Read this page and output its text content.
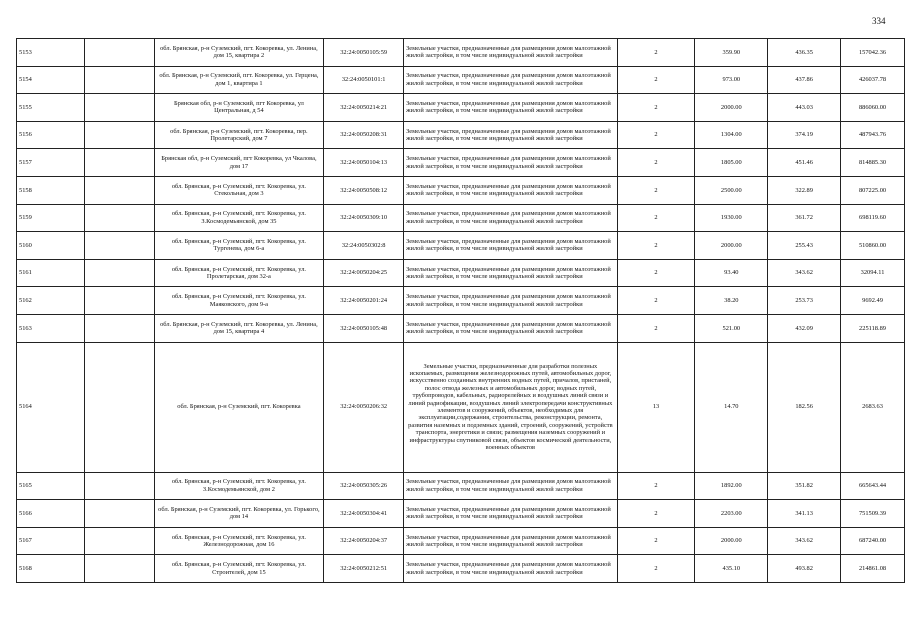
334
5153		обл. Брянская, р-н Суземский, пгт. Кокоревка, ул. Ленина, дом 15, квартира 2	32:24:0050105:59	Земельные участки, предназначенные для размещения домов малоэтажной жилой застройки, в том числе индивидуальной жилой застройки	2	359.90	436.35	157042.36

5154		обл. Брянская, р-н Суземский, пгт. Кокоревка, ул. Герцена, дом 1, квартира 1	32:24:0050101:1	Земельные участки, предназначенные для размещения домов малоэтажной жилой застройки, в том числе индивидуальной жилой застройки	2	973.00	437.86	426037.78

5155		Брянская обл, р-н Суземский, пгт Кокоревка, ул Центральная, д 54	32:24:0050214:21	Земельные участки, предназначенные для размещения домов малоэтажной жилой застройки, в том числе индивидуальной жилой застройки	2	2000.00	443.03	886060.00

5156		обл. Брянская, р-н Суземский, пгт. Кокоревка, пер. Пролетарский, дом 7	32:24:0050208:31	Земельные участки, предназначенные для размещения домов малоэтажной жилой застройки, в том числе индивидуальной жилой застройки	2	1304.00	374.19	487943.76

5157		Брянская обл, р-н Суземский, пгт Кокоревка, ул Чкалова, дом 17	32:24:0050104:13	Земельные участки, предназначенные для размещения домов малоэтажной жилой застройки, в том числе индивидуальной жилой застройки	2	1805.00	451.46	814885.30

5158		обл. Брянская, р-н Суземский, пгт. Кокоревка, ул. Стекольная, дом 3	32:24:0050508:12	Земельные участки, предназначенные для размещения домов малоэтажной жилой застройки, в том числе индивидуальной жилой застройки	2	2500.00	322.89	807225.00

5159		обл. Брянская, р-н Суземский, пгт. Кокоревка, ул. З.Космодемьянской, дом 35	32:24:0050309:10	Земельные участки, предназначенные для размещения домов малоэтажной жилой застройки, в том числе индивидуальной жилой застройки	2	1930.00	361.72	698119.60

5160		обл. Брянская, р-н Суземский, пгт. Кокоревка, ул. Тургенева, дом 6-а	32:24:0050302:8	Земельные участки, предназначенные для размещения домов малоэтажной жилой застройки, в том числе индивидуальной жилой застройки	2	2000.00	255.43	510860.00

5161		обл. Брянская, р-н Суземский, пгт. Кокоревка, ул. Пролетарская, дом 32-а	32:24:0050204:25	Земельные участки, предназначенные для размещения домов малоэтажной жилой застройки, в том числе индивидуальной жилой застройки	2	93.40	343.62	32094.11

5162		обл. Брянская, р-н Суземский, пгт. Кокоревка, ул. Маяковского, дом 9-а	32:24:0050201:24	Земельные участки, предназначенные для размещения домов малоэтажной жилой застройки, в том числе индивидуальной жилой застройки	2	38.20	253.73	9692.49

5163		обл. Брянская, р-н Суземский, пгт. Кокоревка, ул. Ленина, дом 15, квартира 4	32:24:0050105:48	Земельные участки, предназначенные для размещения домов малоэтажной жилой застройки, в том числе индивидуальной жилой застройки	2	521.00	432.09	225118.89

5164		обл. Брянская, р-н Суземский, пгт. Кокоревка	32:24:0050206:32	Земельные участки, предназначенные для разработки полезных ископаемых, размещения железнодорожных путей, автомобильных дорог, искусственно созданных внутренних водных путей, причалов, пристаней, полос отвода железных и автомобильных дорог, водных путей, трубопроводов, кабельных, радиорелейных и воздушных линий связи и линий радиофикации, воздушных линий электропередачи конструктивных элементов и сооружений, объектов, необходимых для эксплуатации,содержания, строительства, реконструкции, ремонта, развития наземных и подземных зданий, строений, сооружений, устройств транспорта, энергетики и связи; размещения наземных сооружений и инфраструктуры спутниковой связи, объектов космической деятельности, военных объектов	13	14.70	182.56	2683.63

5165		обл. Брянская, р-н Суземский, пгт. Кокоревка, ул. З.Космодемьянской, дом 2	32:24:0050305:26	Земельные участки, предназначенные для размещения домов малоэтажной жилой застройки, в том числе индивидуальной жилой застройки	2	1892.00	351.82	665643.44

5166		обл. Брянская, р-н Суземский, пгт. Кокоревка, ул. Горького, дом 14	32:24:0050304:41	Земельные участки, предназначенные для размещения домов малоэтажной жилой застройки, в том числе индивидуальной жилой застройки	2	2203.00	341.13	751509.39

5167		обл. Брянская, р-н Суземский, пгт. Кокоревка, ул. Железнодорожная, дом 16	32:24:0050204:37	Земельные участки, предназначенные для размещения домов малоэтажной жилой застройки, в том числе индивидуальной жилой застройки	2	2000.00	343.62	687240.00

5168		обл. Брянская, р-н Суземский, пгт. Кокоревка, ул. Строителей, дом 15	32:24:0050212:51	Земельные участки, предназначенные для размещения домов малоэтажной жилой застройки, в том числе индивидуальной жилой застройки	2	435.10	493.82	214861.08
